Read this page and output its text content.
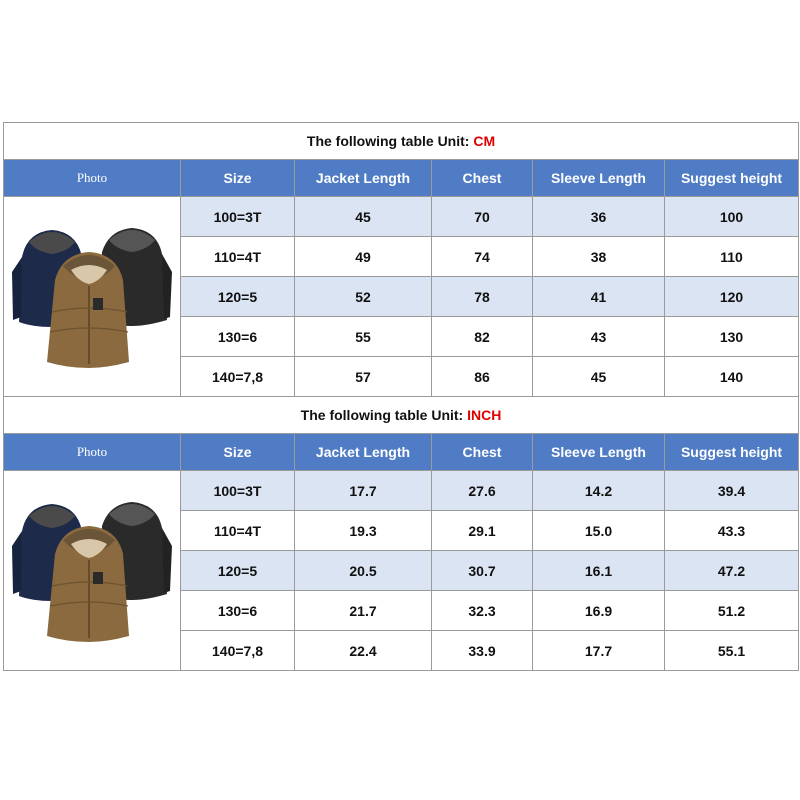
The following table Unit: CM					
Photo	Size	Jacket Length	Chest	Sleeve Length	Suggest height

	100=3T	45	70	36	100
	110=4T	49	74	38	110
	120=5	52	78	41	120
	130=6	55	82	43	130
	140=7,8	57	86	45	140
The following table Unit: INCH					
Photo	Size	Jacket Length	Chest	Sleeve Length	Suggest height

	100=3T	17.7	27.6	14.2	39.4
	110=4T	19.3	29.1	15.0	43.3
	120=5	20.5	30.7	16.1	47.2
	130=6	21.7	32.3	16.9	51.2
	140=7,8	22.4	33.9	17.7	55.1
